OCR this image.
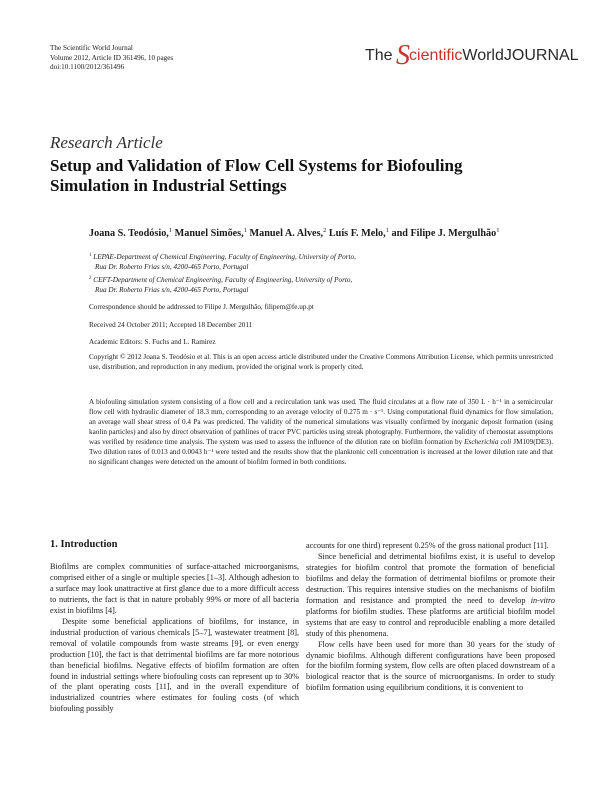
The Scientific World Journal
Volume 2012, Article ID 361496, 10 pages
doi:10.1100/2012/361496
The ScientificWorldJOURNAL
Research Article
Setup and Validation of Flow Cell Systems for Biofouling Simulation in Industrial Settings
Joana S. Teodósio,$^1$ Manuel Simões,$^1$ Manuel A. Alves,$^2$ Luís F. Melo,$^1$ and Filipe J. Mergulhão$^1$

$^1$ LEPAE-Department of Chemical Engineering, Faculty of Engineering, University of Porto,
Rua Dr. Roberto Frias s/n, 4200-465 Porto, Portugal

$^2$ CEFT-Department of Chemical Engineering, Faculty of Engineering, University of Porto,
Rua Dr. Roberto Frias s/n, 4200-465 Porto, Portugal

Correspondence should be addressed to Filipe J. Mergulhão, filipem@fe.up.pt
Received 24 October 2011; Accepted 18 December 2011
Academic Editors: S. Fuchs and L. Ramirez
Copyright © 2012 Joana S. Teodósio et al. This is an open access article distributed under the Creative Commons Attribution License, which permits unrestricted use, distribution, and reproduction in any medium, provided the original work is properly cited.
A biofouling simulation system consisting of a flow cell and a recirculation tank was used. The fluid circulates at a flow rate of 350 L · h⁻¹ in a semicircular flow cell with hydraulic diameter of 18.3 mm, corresponding to an average velocity of 0.275 m · s⁻¹. Using computational fluid dynamics for flow simulation, an average wall shear stress of 0.4 Pa was predicted. The validity of the numerical simulations was visually confirmed by inorganic deposit formation (using kaolin particles) and also by direct observation of pathlines of tracer PVC particles using streak photography. Furthermore, the validity of chemostat assumptions was verified by residence time analysis. The system was used to assess the influence of the dilution rate on biofilm formation by Escherichia coli JM109(DE3). Two dilution rates of 0.013 and 0.0043 h⁻¹ were tested and the results show that the planktonic cell concentration is increased at the lower dilution rate and that no significant changes were detected on the amount of biofilm formed in both conditions.
1. Introduction

Biofilms are complex communities of surface-attached microorganisms, comprised either of a single or multiple species [1–3]. Although adhesion to a surface may look unattractive at first glance due to a more difficult access to nutrients, the fact is that in nature probably 99% or more of all bacteria exist in biofilms [4].

Despite some beneficial applications of biofilms, for instance, in industrial production of various chemicals [5–7], wastewater treatment [8], removal of volatile compounds from waste streams [9], or even energy production [10], the fact is that detrimental biofilms are far more notorious than beneficial biofilms. Negative effects of biofilm formation are often found in industrial settings where biofouling costs can represent up to 30% of the plant operating costs [11], and in the overall expenditure of industrialized countries where estimates for fouling costs (of which biofouling possibly

accounts for one third) represent 0.25% of the gross national product [11].

Since beneficial and detrimental biofilms exist, it is useful to develop strategies for biofilm control that promote the formation of beneficial biofilms and delay the formation of detrimental biofilms or promote their destruction. This requires intensive studies on the mechanisms of biofilm formation and resistance and prompted the need to develop in-vitro platforms for biofilm studies. These platforms are artificial biofilm model systems that are easy to control and reproducible enabling a more detailed study of this phenomena.

Flow cells have been used for more than 30 years for the study of dynamic biofilms. Although different configurations have been proposed for the biofilm forming system, flow cells are often placed downstream of a biological reactor that is the source of microorganisms. In order to study biofilm formation using equilibrium conditions, it is convenient to
